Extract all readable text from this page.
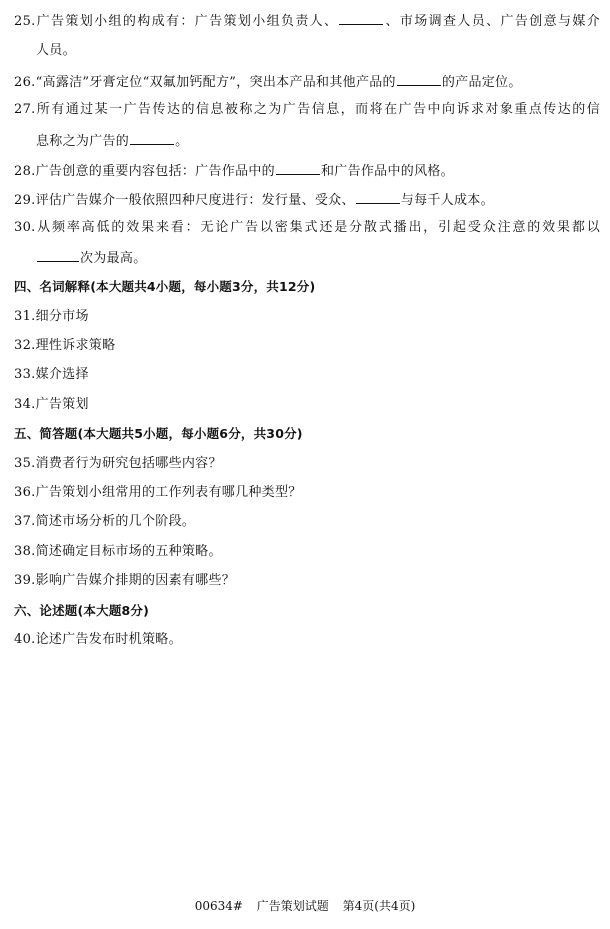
25.广告策划小组的构成有：广告策划小组负责人、	、市场调查人员、广告创意与媒介
人员。
26.“高露洁”牙膏定位“双氟加钙配方”，突出本产品和其他产品的	的产品定位。
27.所有通过某一广告传达的信息被称之为广告信息，而将在广告中向诉求对象重点传达的信
息称之为广告的	。
28.广告创意的重要内容包括：广告作品中的	和广告作品中的风格。
29.评估广告媒介一般依照四种尺度进行：发行量、受众、	与每千人成本。
30.从频率高低的效果来看：无论广告以密集式还是分散式播出，引起受众注意的效果都以
次为最高。
四、名词解释(本大题共4小题，每小题3分，共12分)
31.细分市场
32.理性诉求策略
33.媒介选择
34.广告策划
五、简答题(本大题共5小题，每小题6分，共30分)
35.消费者行为研究包括哪些内容？
36.广告策划小组常用的工作列表有哪几种类型？
37.简述市场分析的几个阶段。
38.简述确定目标市场的五种策略。
39.影响广告媒介排期的因素有哪些？
六、论述题(本大题8分)
40.论述广告发布时机策略。
00634# 广告策划试题 第4页(共4页)
